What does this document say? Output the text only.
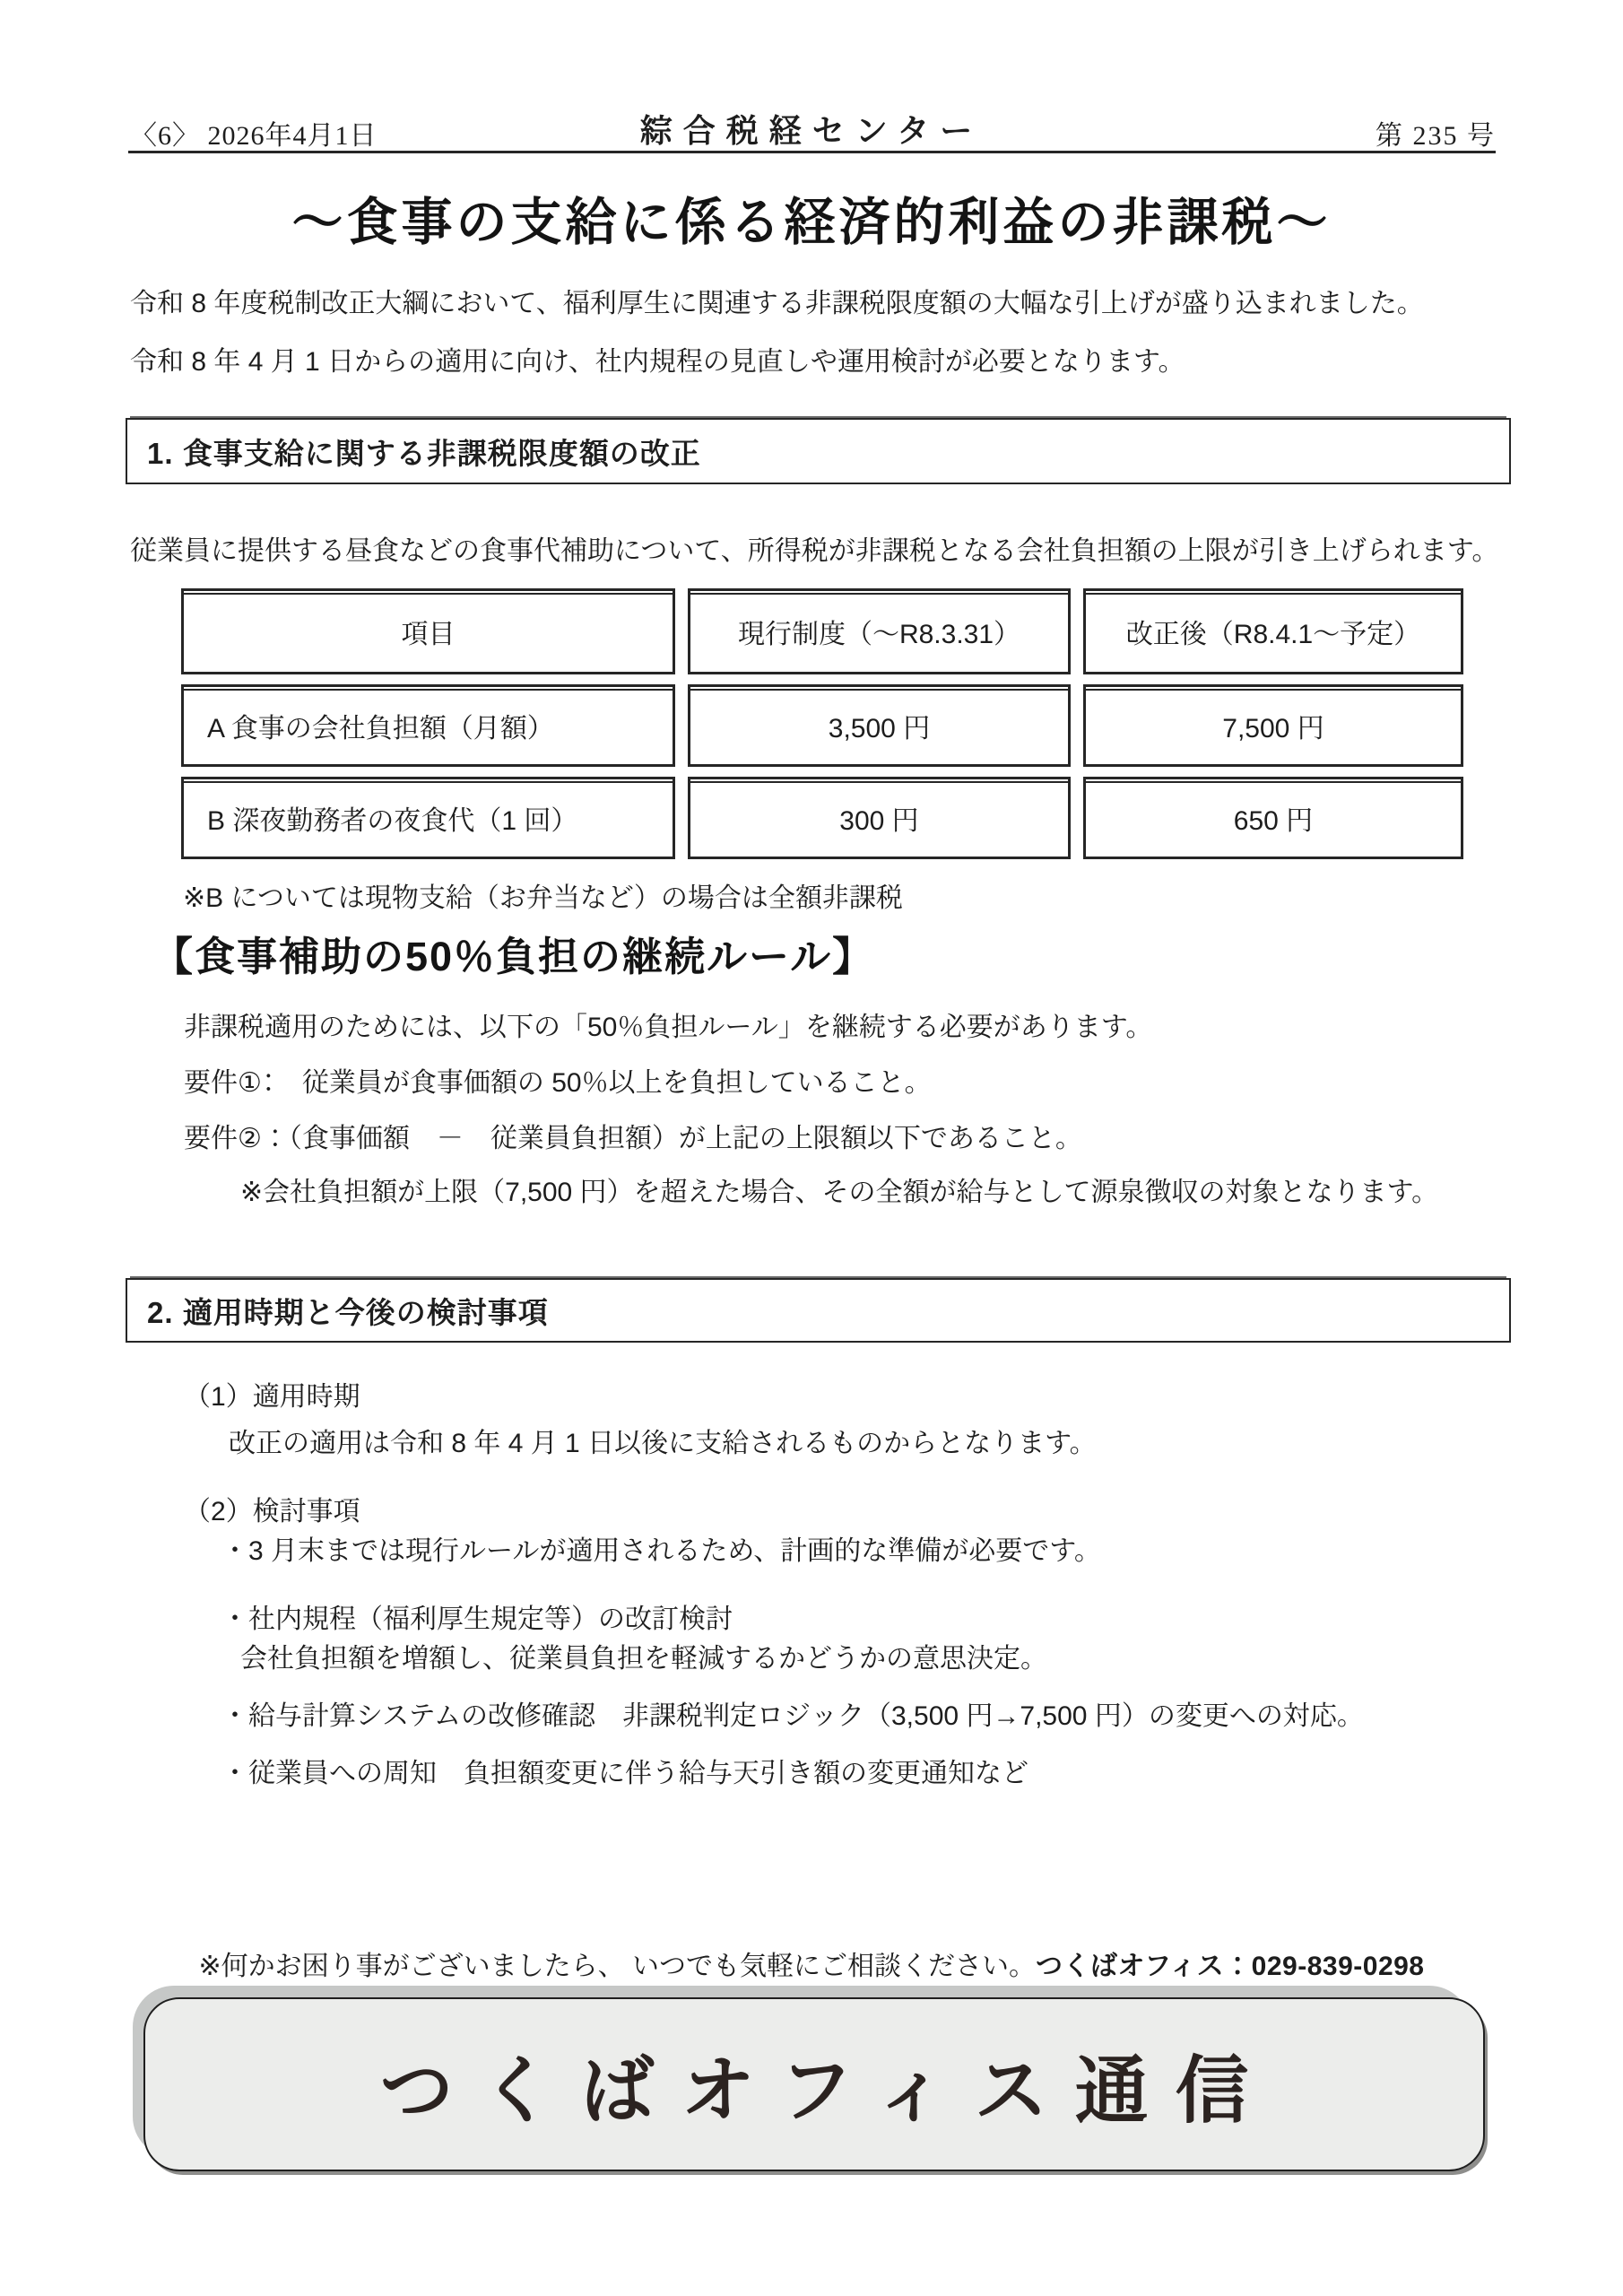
〈6〉 2026年4月1日	綜合税経センター	第 235 号
～食事の支給に係る経済的利益の非課税～
令和 8 年度税制改正大綱において、福利厚生に関連する非課税限度額の大幅な引上げが盛り込まれました。
令和 8 年 4 月 1 日からの適用に向け、社内規程の見直しや運用検討が必要となります。
1. 食事支給に関する非課税限度額の改正
従業員に提供する昼食などの食事代補助について、所得税が非課税となる会社負担額の上限が引き上げられます。
項目	現行制度（～R8.3.31）	改正後（R8.4.1～予定）
A 食事の会社負担額（月額）	3,500 円	7,500 円
B 深夜勤務者の夜食代（1 回）	300 円	650 円
※B については現物支給（お弁当など）の場合は全額非課税
【食事補助の50％負担の継続ルール】
非課税適用のためには、以下の「50％負担ルール」を継続する必要があります。
要件①：　従業員が食事価額の 50％以上を負担していること。
要件②：（食事価額　－　従業員負担額）が上記の上限額以下であること。
※会社負担額が上限（7,500 円）を超えた場合、その全額が給与として源泉徴収の対象となります。
2. 適用時期と今後の検討事項
（1）適用時期
改正の適用は令和 8 年 4 月 1 日以後に支給されるものからとなります。
（2）検討事項
・3 月末までは現行ルールが適用されるため、計画的な準備が必要です。
・社内規程（福利厚生規定等）の改訂検討
会社負担額を増額し、従業員負担を軽減するかどうかの意思決定。
・給与計算システムの改修確認　非課税判定ロジック（3,500 円→7,500 円）の変更への対応。
・従業員への周知　負担額変更に伴う給与天引き額の変更通知など
※何かお困り事がございましたら、 いつでも気軽にご相談ください。つくばオフィス：029-839-0298
つくばオフィス通信
